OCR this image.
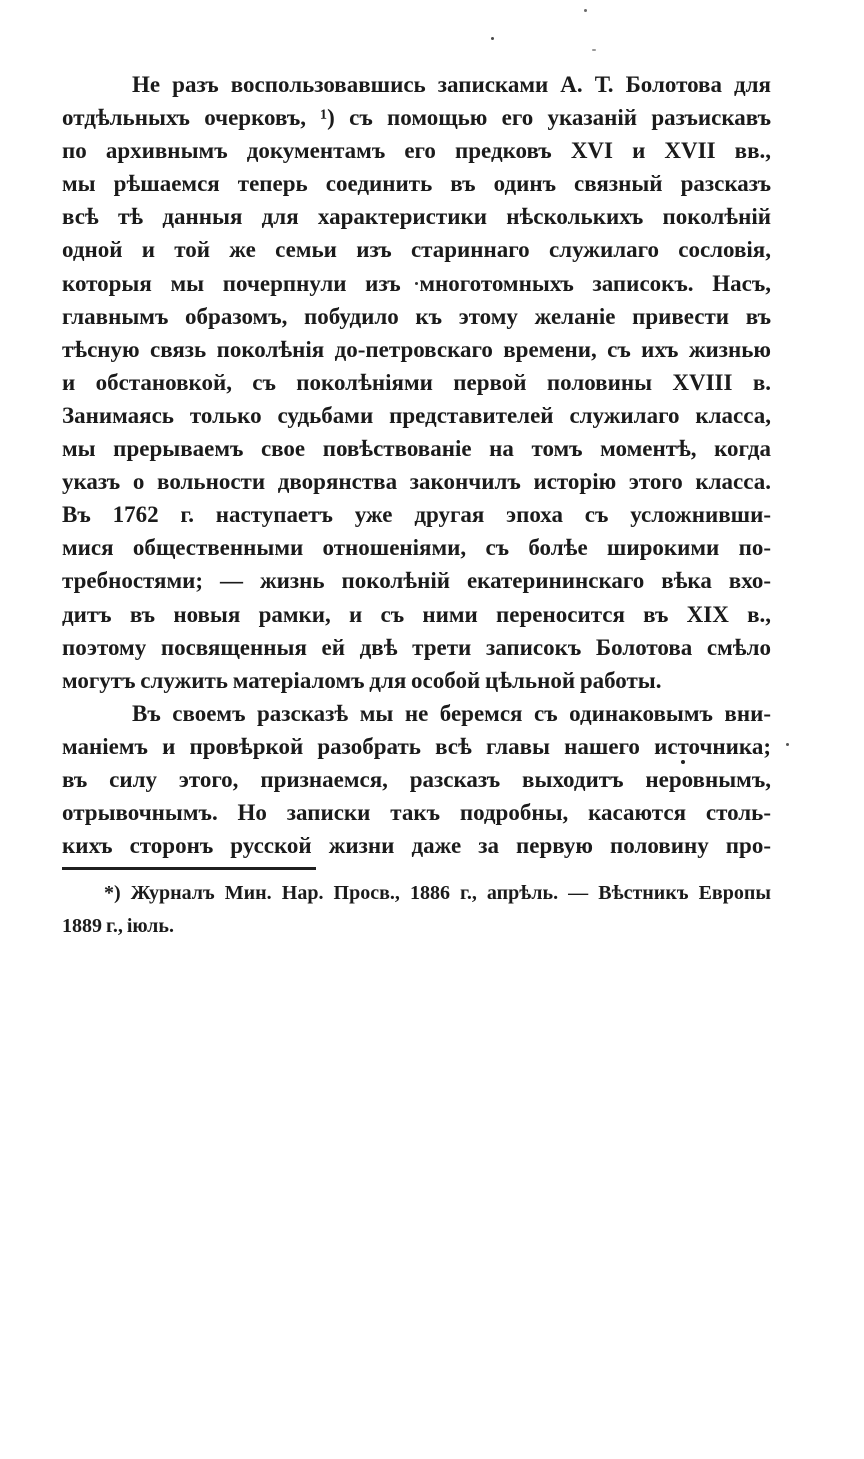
Не разъ воспользовавшись записками А. Т. Болотова для

отдѣльныхъ очерковъ, ¹) съ помощью его указаній разъискавъ

по архивнымъ документамъ его предковъ XVI и XVII вв.,

мы рѣшаемся теперь соединить въ одинъ связный разсказъ

всѣ тѣ данныя для характеристики нѣсколькихъ поколѣній

одной и той же семьи изъ стариннаго служилаго сословія,

которыя мы почерпнули изъ многотомныхъ записокъ. Насъ,

главнымъ образомъ, побудило къ этому желаніе привести въ

тѣсную связь поколѣнія до-петровскаго времени, съ ихъ жизнью

и обстановкой, съ поколѣніями первой половины XVIII в.

Занимаясь только судьбами представителей служилаго класса,

мы прерываемъ свое повѣствованіе на томъ моментѣ, когда

указъ о вольности дворянства закончилъ исторію этого класса.

Въ 1762 г. наступаетъ уже другая эпоха съ усложнивши-

мися общественными отношеніями, съ болѣе широкими по-

требностями; — жизнь поколѣній екатерининскаго вѣка вхо-

дитъ въ новыя рамки, и съ ними переносится въ XIX в.,

поэтому посвященныя ей двѣ трети записокъ Болотова смѣло

могутъ служить матеріаломъ для особой цѣльной работы.

Въ своемъ разсказѣ мы не беремся съ одинаковымъ вни-

маніемъ и провѣркой разобрать всѣ главы нашего источника;

въ силу этого, признаемся, разсказъ выходитъ неровнымъ,

отрывочнымъ. Но записки такъ подробны, касаются столь-

кихъ сторонъ русской жизни даже за первую половину про-

*) Журналъ Мин. Нар. Просв., 1886 г., апрѣль. — Вѣстникъ Европы

1889 г., іюль.
